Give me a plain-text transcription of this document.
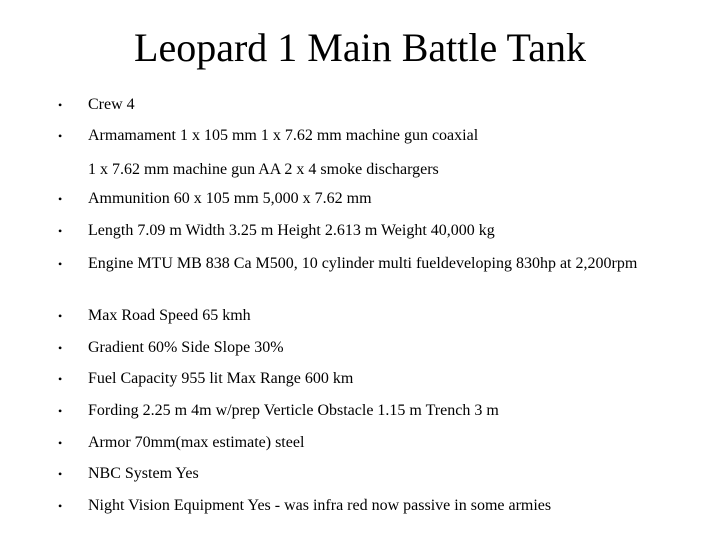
Leopard 1 Main Battle Tank
• Crew 4
• Armamament 1 x 105 mm 1 x 7.62 mm machine gun coaxial
• Ammunition 60 x 105 mm 5,000 x 7.62 mm
• Length 7.09 m Width 3.25 m Height 2.613 m Weight 40,000 kg
• Engine MTU MB 838 Ca M500, 10 cylinder multi fueldeveloping 830hp at 2,200rpm
• Max Road Speed 65 kmh
• Gradient 60% Side Slope 30%
• Fuel Capacity 955 lit Max Range 600 km
• Fording 2.25 m 4m w/prep Verticle Obstacle 1.15 m Trench 3 m
• Armor 70mm(max estimate) steel
• NBC System Yes
• Night Vision Equipment Yes - was infra red now passive in some armies
1 x 7.62 mm machine gun AA 2 x 4 smoke dischargers
